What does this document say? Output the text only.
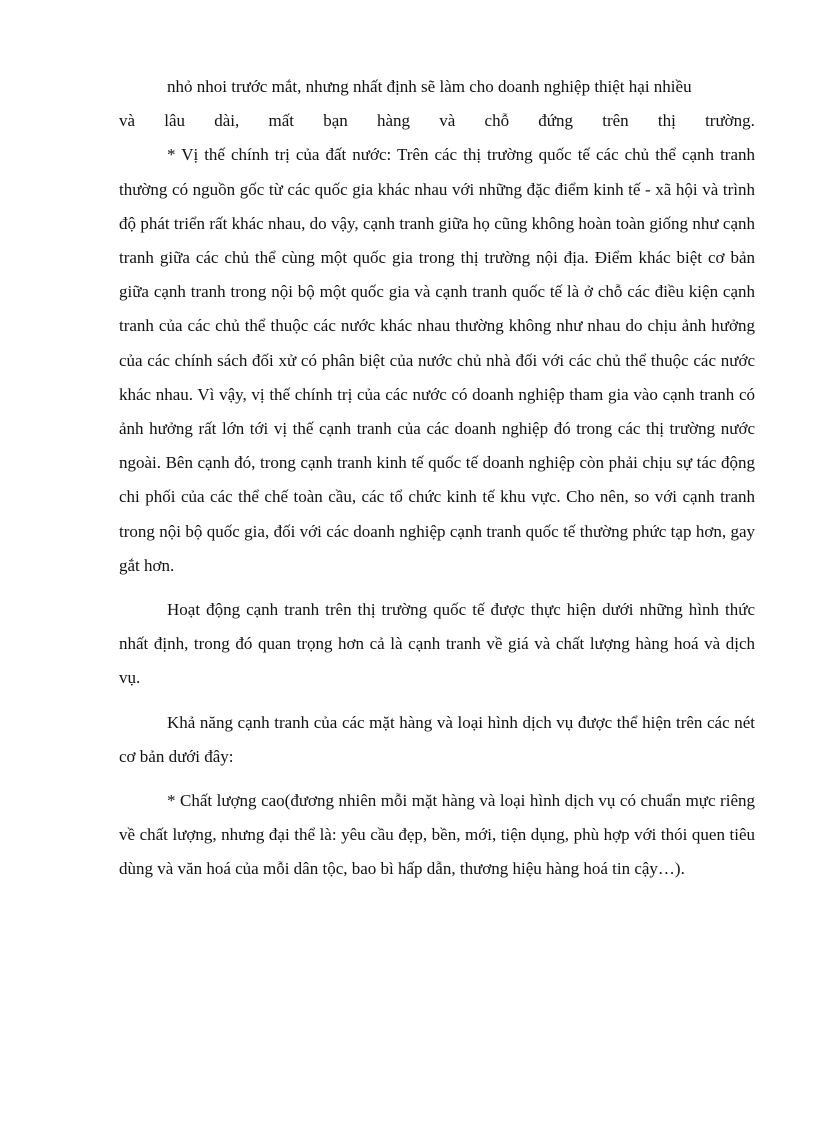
nhỏ nhoi trước mắt, nhưng nhất định sẽ làm cho doanh nghiệp thiệt hại nhiều

và lâu dài, mất bạn hàng và chỗ đứng trên thị trường.

* Vị thế chính trị của đất nước: Trên các thị trường quốc tế các chủ thể cạnh tranh thường có nguồn gốc từ các quốc gia khác nhau với những đặc điểm kinh tế - xã hội và trình độ phát triển rất khác nhau, do vậy, cạnh tranh giữa họ cũng không hoàn toàn giống như cạnh tranh giữa các chủ thể cùng một quốc gia trong thị trường nội địa. Điểm khác biệt cơ bản giữa cạnh tranh trong nội bộ một quốc gia và cạnh tranh quốc tế là ở chỗ các điều kiện cạnh tranh của các chủ thể thuộc các nước khác nhau thường không như nhau do chịu ảnh hưởng của các chính sách đối xử có phân biệt của nước chủ nhà đối với các chủ thể thuộc các nước khác nhau. Vì vậy, vị thế chính trị của các nước có doanh nghiệp tham gia vào cạnh tranh có ảnh hưởng rất lớn tới vị thế cạnh tranh của các doanh nghiệp đó trong các thị trường nước ngoài. Bên cạnh đó, trong cạnh tranh kinh tế quốc tế doanh nghiệp còn phải chịu sự tác động chi phối của các thể chế toàn cầu, các tổ chức kinh tế khu vực. Cho nên, so với cạnh tranh trong nội bộ quốc gia, đối với các doanh nghiệp cạnh tranh quốc tế thường phức tạp hơn, gay gắt hơn.

Hoạt động cạnh tranh trên thị trường quốc tế được thực hiện dưới những hình thức nhất định, trong đó quan trọng hơn cả là cạnh tranh về giá và chất lượng hàng hoá và dịch vụ.

Khả năng cạnh tranh của các mặt hàng và loại hình dịch vụ được thể hiện trên các nét cơ bản dưới đây:

* Chất lượng cao(đương nhiên mỗi mặt hàng và loại hình dịch vụ có chuẩn mực riêng về chất lượng, nhưng đại thể là: yêu cầu đẹp, bền, mới, tiện dụng, phù hợp với thói quen tiêu dùng và văn hoá của mỗi dân tộc, bao bì hấp dẫn, thương hiệu hàng hoá tin cậy…).
